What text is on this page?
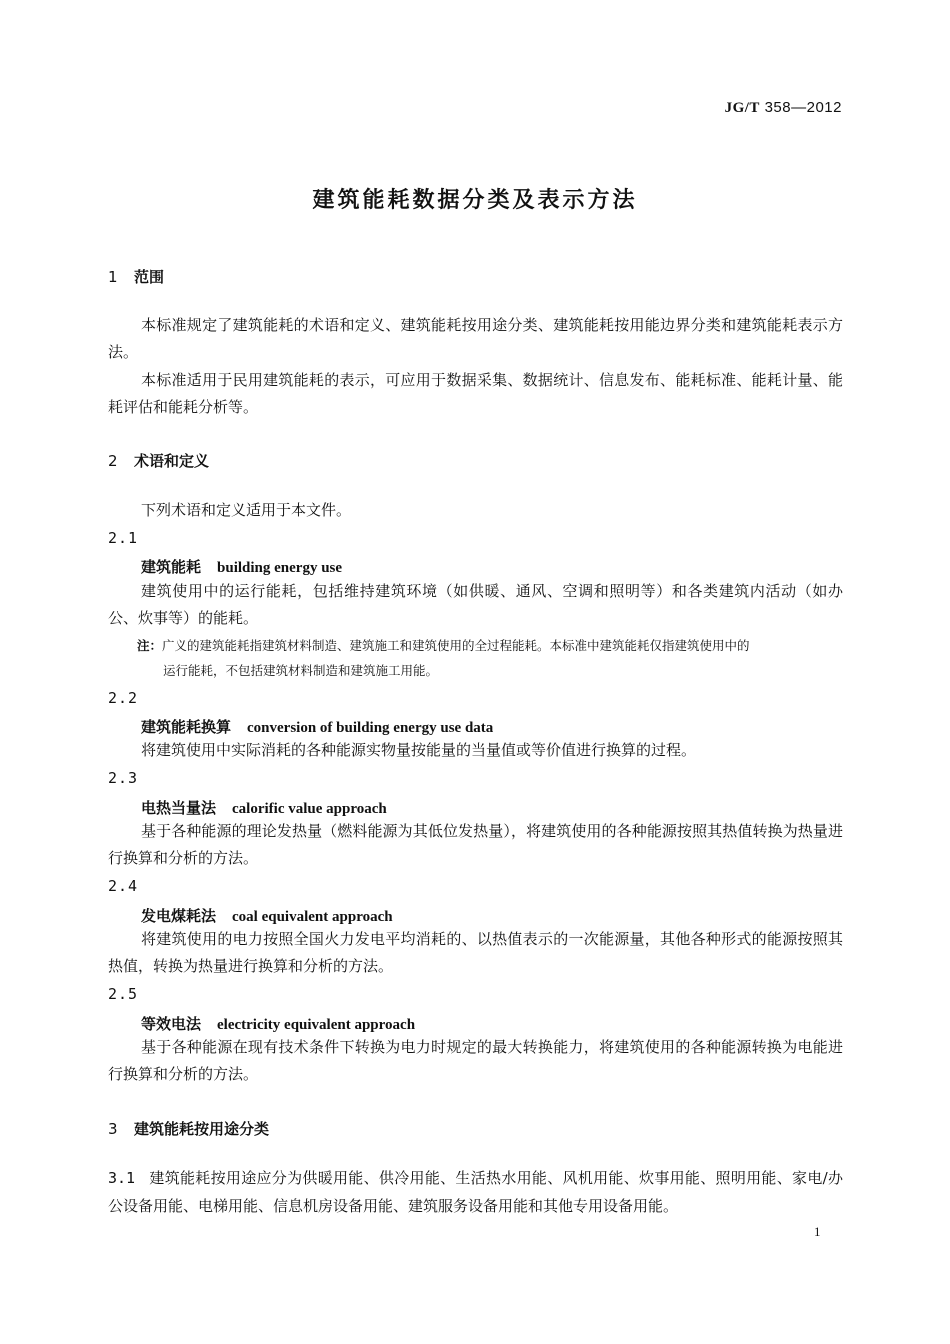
JG/T 358—2012
建筑能耗数据分类及表示方法
1 范围
本标准规定了建筑能耗的术语和定义、建筑能耗按用途分类、建筑能耗按用能边界分类和建筑能耗表示方法。
本标准适用于民用建筑能耗的表示，可应用于数据采集、数据统计、信息发布、能耗标准、能耗计量、能耗评估和能耗分析等。
2 术语和定义
下列术语和定义适用于本文件。
2.1
建筑能耗 building energy use
建筑使用中的运行能耗，包括维持建筑环境（如供暖、通风、空调和照明等）和各类建筑内活动（如办公、炊事等）的能耗。
注：广义的建筑能耗指建筑材料制造、建筑施工和建筑使用的全过程能耗。本标准中建筑能耗仅指建筑使用中的
运行能耗，不包括建筑材料制造和建筑施工用能。
2.2
建筑能耗换算 conversion of building energy use data
将建筑使用中实际消耗的各种能源实物量按能量的当量值或等价值进行换算的过程。
2.3
电热当量法 calorific value approach
基于各种能源的理论发热量（燃料能源为其低位发热量），将建筑使用的各种能源按照其热值转换为热量进行换算和分析的方法。
2.4
发电煤耗法 coal equivalent approach
将建筑使用的电力按照全国火力发电平均消耗的、以热值表示的一次能源量，其他各种形式的能源按照其热值，转换为热量进行换算和分析的方法。
2.5
等效电法 electricity equivalent approach
基于各种能源在现有技术条件下转换为电力时规定的最大转换能力，将建筑使用的各种能源转换为电能进行换算和分析的方法。
3 建筑能耗按用途分类
3.1 建筑能耗按用途应分为供暖用能、供冷用能、生活热水用能、风机用能、炊事用能、照明用能、家电/办公设备用能、电梯用能、信息机房设备用能、建筑服务设备用能和其他专用设备用能。
1
